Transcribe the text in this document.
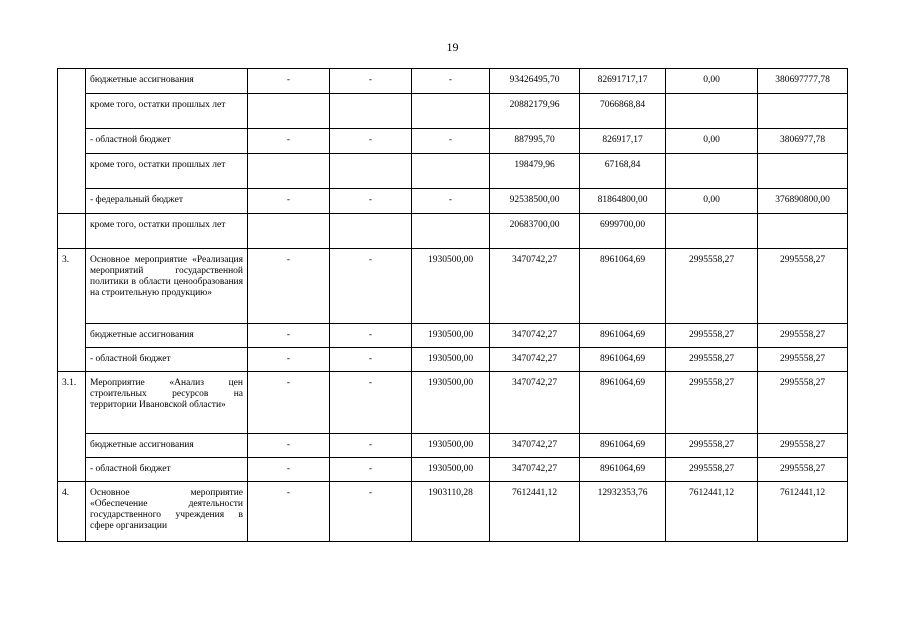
19
	бюджетные ассигнования	-	-	-	93426495,70	82691717,17	0,00	380697777,78
	кроме того, остатки прошлых лет				20882179,96	7066868,84		
	- областной бюджет	-	-	-	887995,70	826917,17	0,00	3806977,78
	кроме того, остатки прошлых лет				198479,96	67168,84		
	- федеральный бюджет	-	-	-	92538500,00	81864800,00	0,00	376890800,00
	кроме того, остатки прошлых лет				20683700,00	6999700,00		
3.	Основное мероприятие «Реализация мероприятий государственной политики в области ценообразования на строительную продукцию»	-	-	1930500,00	3470742,27	8961064,69	2995558,27	2995558,27
	бюджетные ассигнования	-	-	1930500,00	3470742,27	8961064,69	2995558,27	2995558,27
	- областной бюджет	-	-	1930500,00	3470742,27	8961064,69	2995558,27	2995558,27
3.1.	Мероприятие «Анализ цен строительных ресурсов на территории Ивановской области»	-	-	1930500,00	3470742,27	8961064,69	2995558,27	2995558,27
	бюджетные ассигнования	-	-	1930500,00	3470742,27	8961064,69	2995558,27	2995558,27
	- областной бюджет	-	-	1930500,00	3470742,27	8961064,69	2995558,27	2995558,27
4.	Основное мероприятие «Обеспечение деятельности государственного учреждения в сфере организации	-	-	1903110,28	7612441,12	12932353,76	7612441,12	7612441,12
